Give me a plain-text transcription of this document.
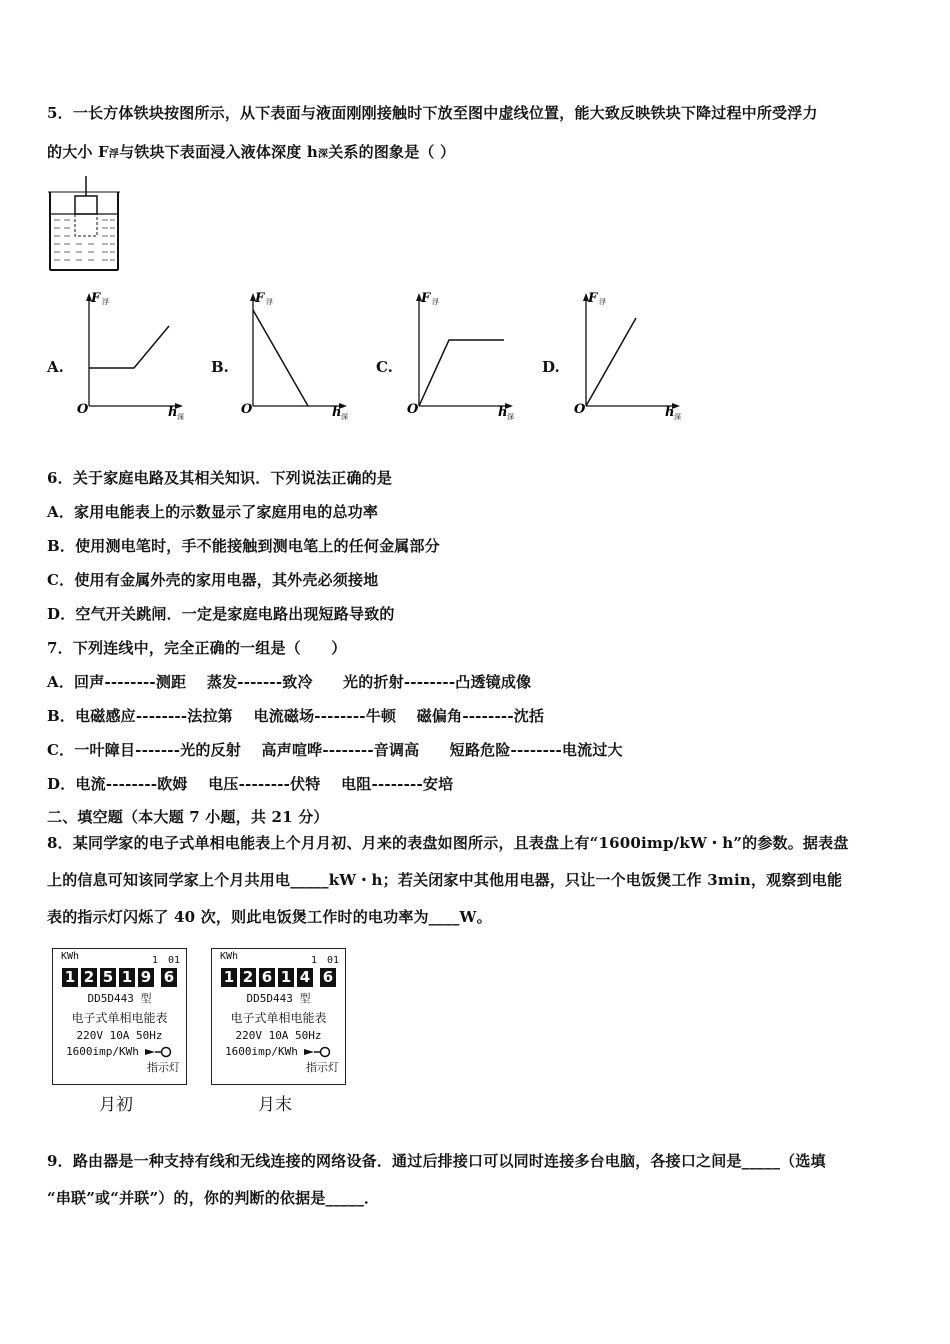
5．一长方体铁块按图所示，从下表面与液面刚刚接触时下放至图中虚线位置，能大致反映铁块下降过程中所受浮力
的大小 F浮与铁块下表面浸入液体深度 h深关系的图象是（ ）
A.	B.	C.	D.
F 浮
O	h 深
F 浮
O	h 深
F 浮
O	h 深
F 浮
O	h 深
6．关于家庭电路及其相关知识．下列说法正确的是
A．家用电能表上的示数显示了家庭用电的总功率
B．使用测电笔时，手不能接触到测电笔上的任何金属部分
C．使用有金属外壳的家用电器，其外壳必须接地
D．空气开关跳闸．一定是家庭电路出现短路导致的
7．下列连线中，完全正确的一组是（　　）
A．回声--------测距　 蒸发-------致冷　　光的折射--------凸透镜成像
B．电磁感应--------法拉第　 电流磁场--------牛顿　 磁偏角--------沈括
C．一叶障目-------光的反射　 高声喧哗--------音调高　　短路危险--------电流过大
D．电流--------欧姆　 电压--------伏特　 电阻--------安培
二、填空题（本大题 7 小题，共 21 分）
8．某同学家的电子式单相电能表上个月月初、月来的表盘如图所示，且表盘上有“1600imp/kW・h”的参数。据表盘
上的信息可知该同学家上个月共用电_____kW・h；若关闭家中其他用电器，只让一个电饭煲工作 3min，观察到电能
表的指示灯闪烁了 40 次，则此电饭煲工作时的电功率为____W。
KWh	1　01
1 2 5 1 9 6
DD5D443 型
电子式单相电能表
220V 10A 50Hz
1600imp/KWh
指示灯
月初
KWh	1　01
1 2 6 1 4 6
DD5D443 型
电子式单相电能表
220V 10A 50Hz
1600imp/KWh
指示灯
月末
9．路由器是一种支持有线和无线连接的网络设备．通过后排接口可以同时连接多台电脑，各接口之间是_____（选填
“串联”或“并联”）的，你的判断的依据是_____．
